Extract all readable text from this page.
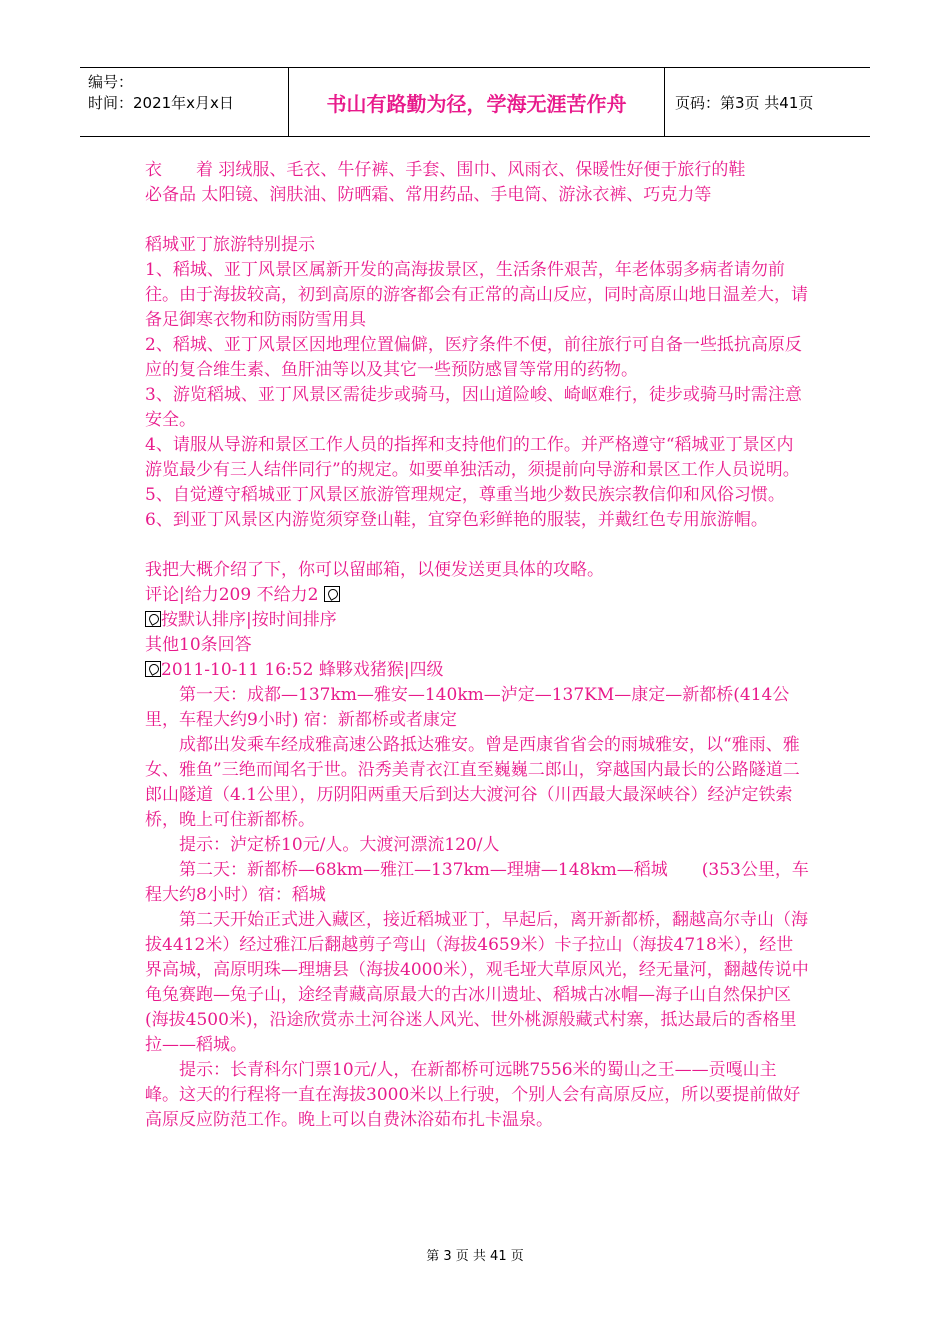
编号：
时间：2021年x月x日	书山有路勤为径，学海无涯苦作舟	页码：第3页 共41页

衣　　着 羽绒服、毛衣、牛仔裤、手套、围巾、风雨衣、保暖性好便于旅行的鞋

必备品 太阳镜、润肤油、防晒霜、常用药品、手电筒、游泳衣裤、巧克力等

稻城亚丁旅游特别提示

1、稻城、亚丁风景区属新开发的高海拔景区，生活条件艰苦，年老体弱多病者请勿前往。由于海拔较高，初到高原的游客都会有正常的高山反应，同时高原山地日温差大，请备足御寒衣物和防雨防雪用具

2、稻城、亚丁风景区因地理位置偏僻，医疗条件不便，前往旅行可自备一些抵抗高原反应的复合维生素、鱼肝油等以及其它一些预防感冒等常用的药物。

3、游览稻城、亚丁风景区需徒步或骑马，因山道险峻、崎岖难行，徒步或骑马时需注意安全。

4、请服从导游和景区工作人员的指挥和支持他们的工作。并严格遵守“稻城亚丁景区内游览最少有三人结伴同行”的规定。如要单独活动，须提前向导游和景区工作人员说明。

5、自觉遵守稻城亚丁风景区旅游管理规定，尊重当地少数民族宗教信仰和风俗习惯。

6、到亚丁风景区内游览须穿登山鞋，宜穿色彩鲜艳的服装，并戴红色专用旅游帽。

我把大概介绍了下，你可以留邮箱，以便发送更具体的攻略。

评论|给力209 不给力2

按默认排序|按时间排序

其他10条回答

2011-10-11 16:52 蜂夥戏猪猴|四级

第一天：成都—137km—雅安—140km—泸定—137KM—康定—新都桥(414公里，车程大约9小时) 宿：新都桥或者康定

成都出发乘车经成雅高速公路抵达雅安。曾是西康省省会的雨城雅安，以“雅雨、雅女、雅鱼”三绝而闻名于世。沿秀美青衣江直至巍巍二郎山，穿越国内最长的公路隧道二郎山隧道（4.1公里），历阴阳两重天后到达大渡河谷（川西最大最深峡谷）经泸定铁索桥，晚上可住新都桥。

提示：泸定桥10元/人。大渡河漂流120/人

第二天：新都桥—68km—雅江—137km—理塘—148km—稻城　　(353公里，车程大约8小时）宿：稻城

第二天开始正式进入藏区，接近稻城亚丁，早起后，离开新都桥，翻越高尔寺山（海拔4412米）经过雅江后翻越剪子弯山（海拔4659米）卡子拉山（海拔4718米），经世界高城，高原明珠—理塘县（海拔4000米），观毛垭大草原风光，经无量河，翻越传说中龟兔赛跑—兔子山，途经青藏高原最大的古冰川遗址、稻城古冰帽—海子山自然保护区(海拔4500米)，沿途欣赏赤土河谷迷人风光、世外桃源般藏式村寨，抵达最后的香格里拉——稻城。

提示：长青科尔门票10元/人，在新都桥可远眺7556米的蜀山之王——贡嘎山主峰。这天的行程将一直在海拔3000米以上行驶，个别人会有高原反应，所以要提前做好高原反应防范工作。晚上可以自费沐浴茹布扎卡温泉。

第 3 页 共 41 页
